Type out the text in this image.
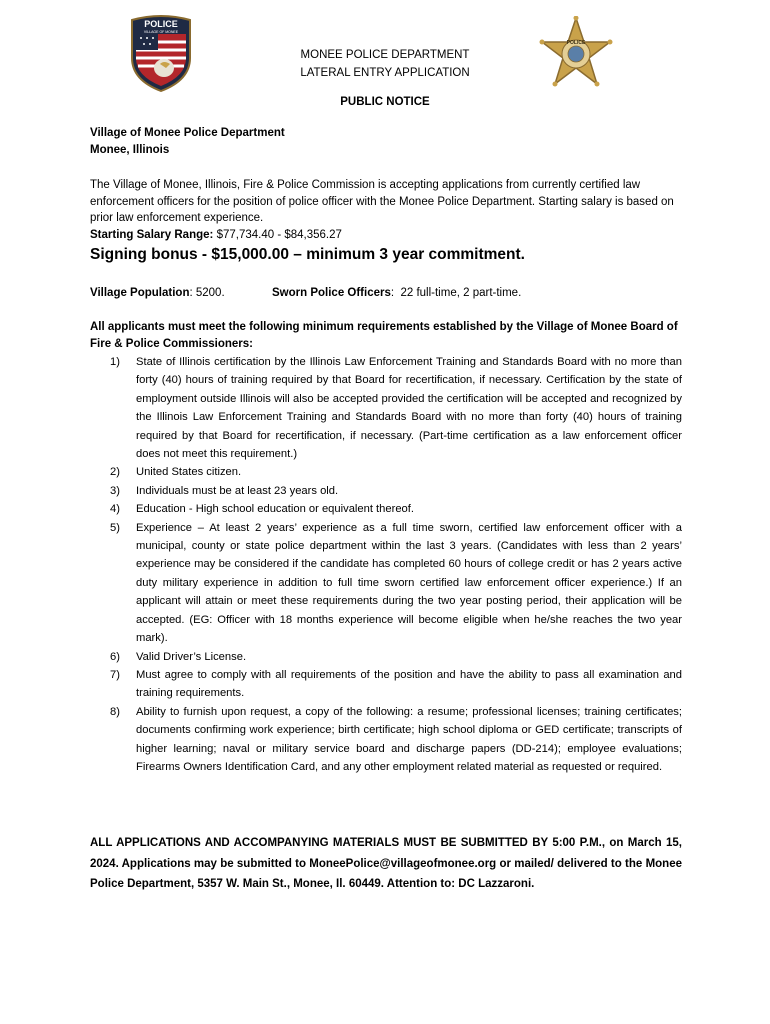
POLICE
VILLAGE OF MONEE
POLICE
MONEE POLICE DEPARTMENT
LATERAL ENTRY APPLICATION
PUBLIC NOTICE
Village of Monee Police Department
Monee, Illinois
The Village of Monee, Illinois, Fire & Police Commission is accepting applications from currently certified law enforcement officers for the position of police officer with the Monee Police Department. Starting salary is based on prior law enforcement experience.
Starting Salary Range: $77,734.40 - $84,356.27
Signing bonus - $15,000.00 – minimum 3 year commitment.
Village Population: 5200.	Sworn Police Officers:  22 full-time, 2 part-time.
All applicants must meet the following minimum requirements established by the Village of Monee Board of Fire & Police Commissioners:
1)	State of Illinois certification by the Illinois Law Enforcement Training and Standards Board with no more than forty (40) hours of training required by that Board for recertification, if necessary. Certification by the state of employment outside Illinois will also be accepted provided the certification will be accepted and recognized by the Illinois Law Enforcement Training and Standards Board with no more than forty (40) hours of training required by that Board for recertification, if necessary. (Part-time certification as a law enforcement officer does not meet this requirement.)
2)	United States citizen.
3)	Individuals must be at least 23 years old.
4)	Education - High school education or equivalent thereof.
5)	Experience – At least 2 years’ experience as a full time sworn, certified law enforcement officer with a municipal, county or state police department within the last 3 years. (Candidates with less than 2 years’ experience may be considered if the candidate has completed 60 hours of college credit or has 2 years active duty military experience in addition to full time sworn certified law enforcement officer experience.) If an applicant will attain or meet these requirements during the two year posting period, their application will be accepted. (EG: Officer with 18 months experience will become eligible when he/she reaches the two year mark).
6)	Valid Driver’s License.
7)	Must agree to comply with all requirements of the position and have the ability to pass all examination and training requirements.
8)	Ability to furnish upon request, a copy of the following: a resume; professional licenses; training certificates; documents confirming work experience; birth certificate; high school diploma or GED certificate; transcripts of higher learning; naval or military service board and discharge papers (DD-214); employee evaluations; Firearms Owners Identification Card, and any other employment related material as requested or required.
ALL APPLICATIONS AND ACCOMPANYING MATERIALS MUST BE SUBMITTED BY 5:00 P.M., on March 15, 2024. Applications may be submitted to MoneePolice@villageofmonee.org or mailed/ delivered to the Monee Police Department, 5357 W. Main St., Monee, Il. 60449. Attention to: DC Lazzaroni.
